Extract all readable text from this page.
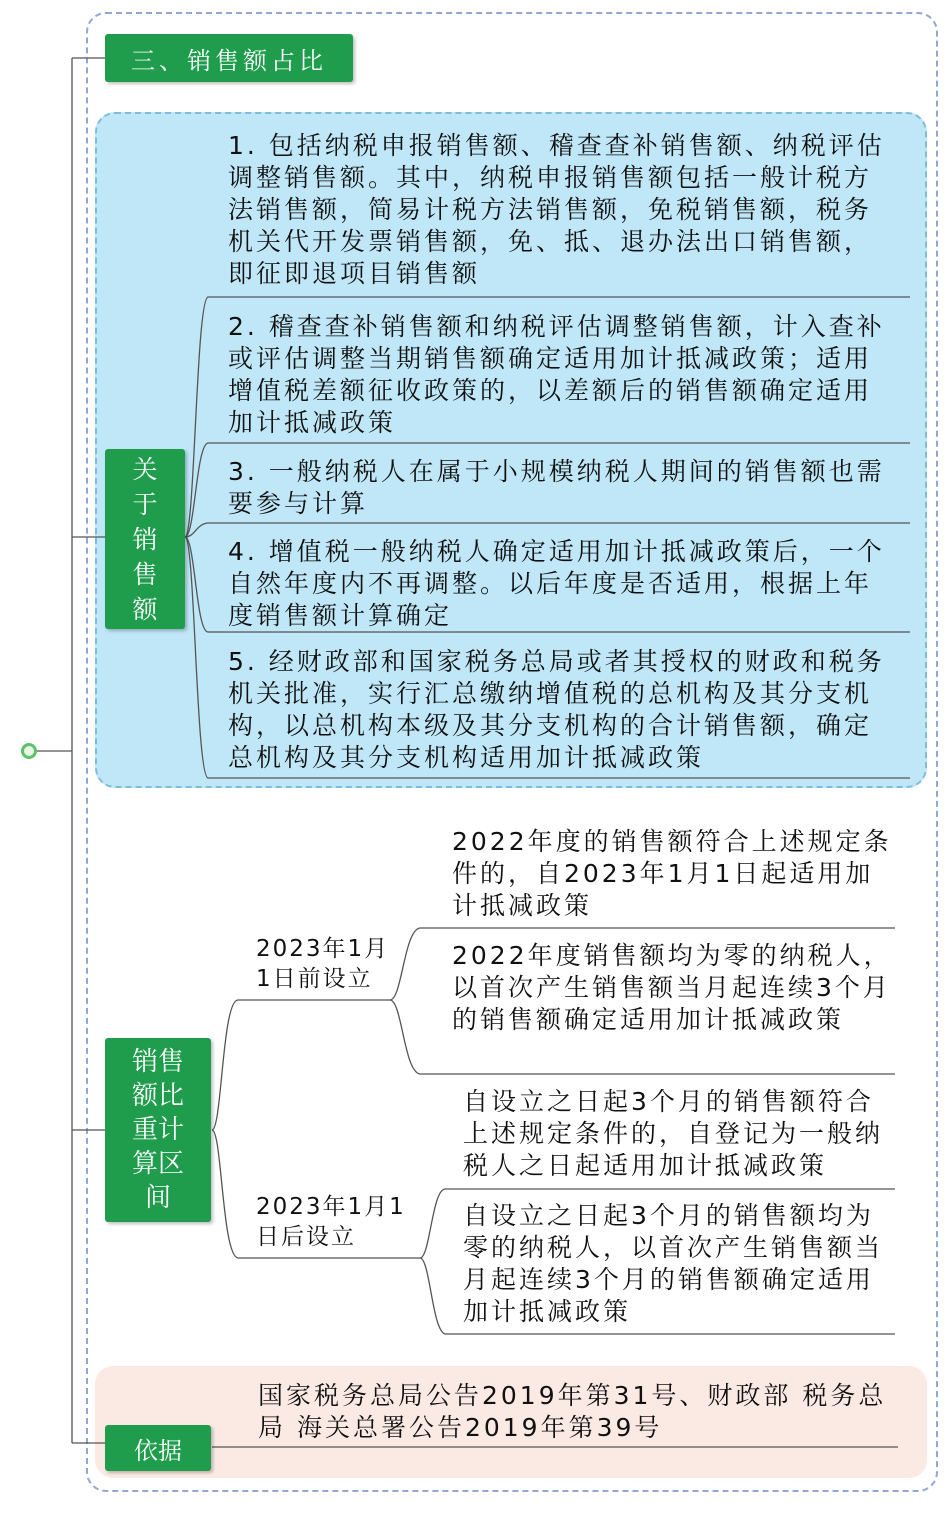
三、销售额占比
关
于
销
售
额
1. 包括纳税申报销售额、稽查查补销售额、纳税评估调整销售额。其中，纳税申报销售额包括一般计税方法销售额，简易计税方法销售额，免税销售额，税务机关代开发票销售额，免、抵、退办法出口销售额，即征即退项目销售额
2. 稽查查补销售额和纳税评估调整销售额，计入查补或评估调整当期销售额确定适用加计抵减政策；适用增值税差额征收政策的，以差额后的销售额确定适用加计抵减政策
3. 一般纳税人在属于小规模纳税人期间的销售额也需要参与计算
4. 增值税一般纳税人确定适用加计抵减政策后，一个自然年度内不再调整。以后年度是否适用，根据上年度销售额计算确定
5. 经财政部和国家税务总局或者其授权的财政和税务机关批准，实行汇总缴纳增值税的总机构及其分支机构，以总机构本级及其分支机构的合计销售额，确定总机构及其分支机构适用加计抵减政策
销售
额比
重计
算区
间
2023年1月
1日前设立
2022年度的销售额符合上述规定条件的，自2023年1月1日起适用加计抵减政策
2022年度销售额均为零的纳税人，以首次产生销售额当月起连续3个月的销售额确定适用加计抵减政策
2023年1月1
日后设立
自设立之日起3个月的销售额符合上述规定条件的，自登记为一般纳税人之日起适用加计抵减政策
自设立之日起3个月的销售额均为零的纳税人，以首次产生销售额当月起连续3个月的销售额确定适用加计抵减政策
依据
国家税务总局公告2019年第31号、财政部 税务总局 海关总署公告2019年第39号
